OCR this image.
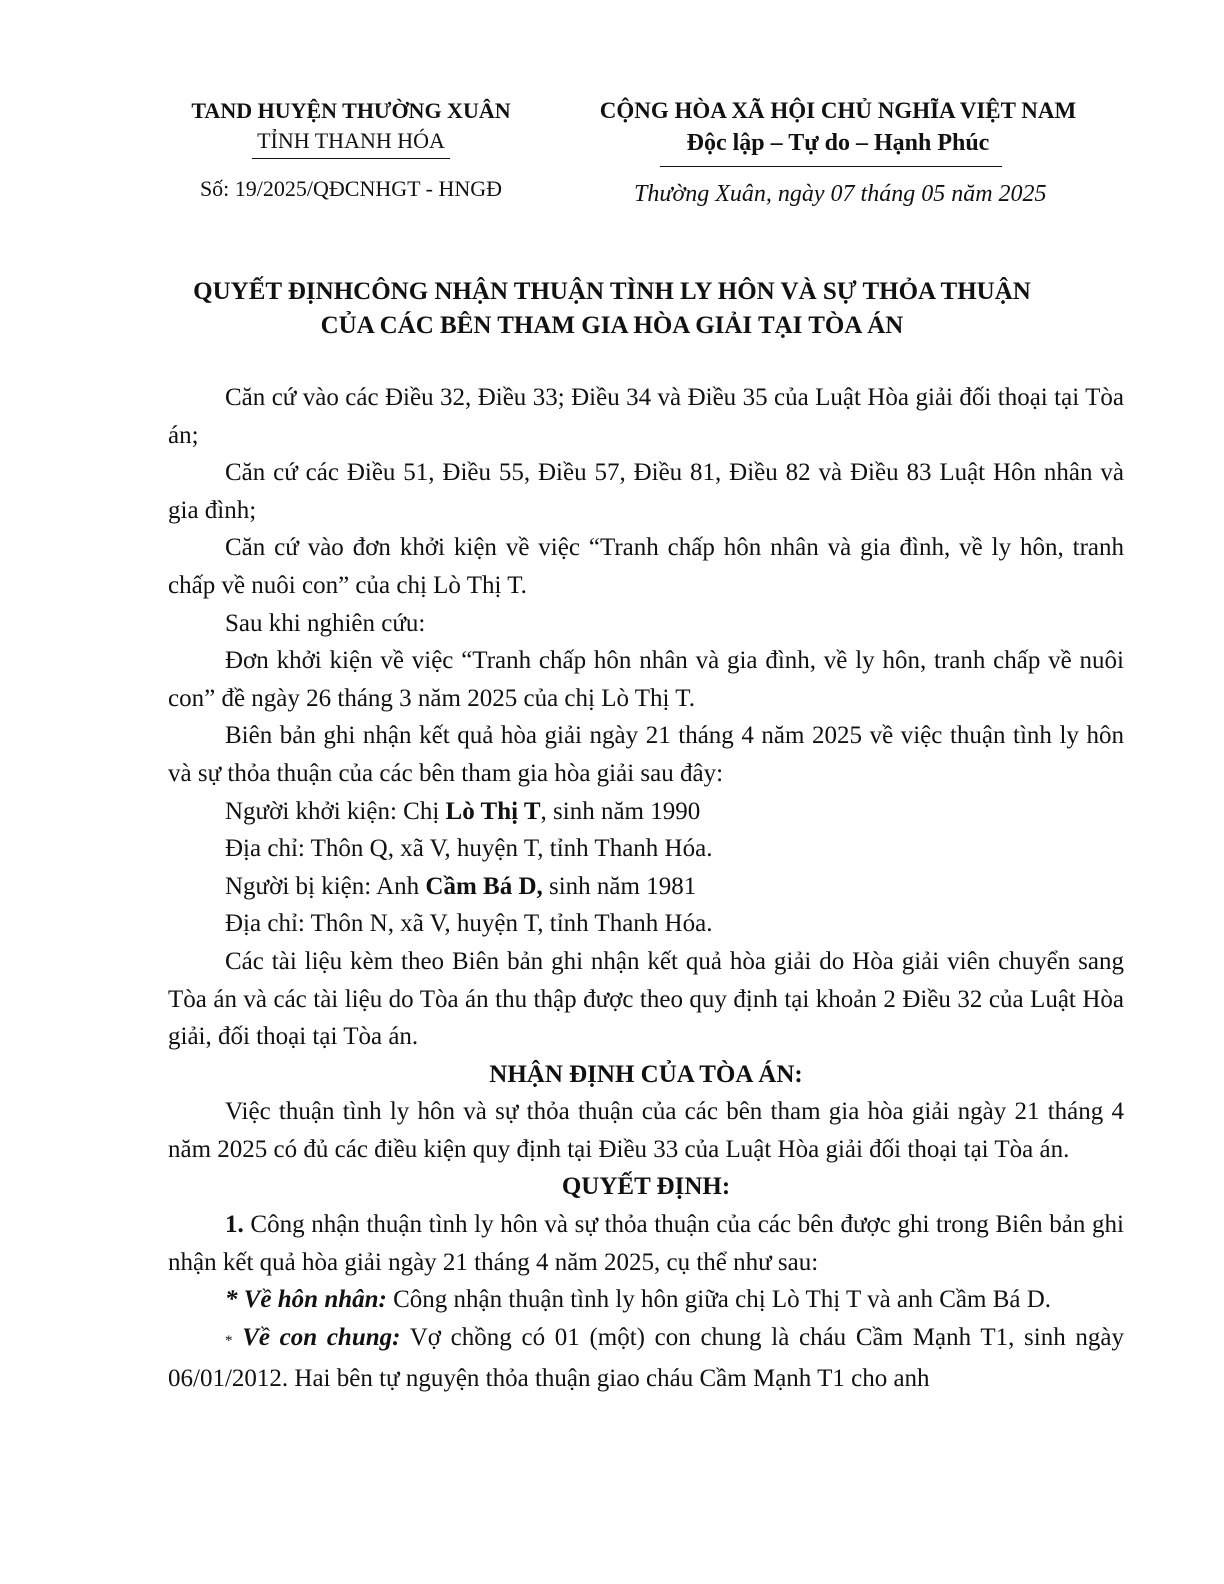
TAND HUYỆN THƯỜNG XUÂN
TỈNH THANH HÓA
Số: 19/2025/QĐCNHGT - HNGĐ
CỘNG HÒA XÃ HỘI CHỦ NGHĨA VIỆT NAM
Độc lập – Tự do – Hạnh Phúc
Thường Xuân, ngày 07 tháng 05 năm 2025
QUYẾT ĐỊNHCÔNG NHẬN THUẬN TÌNH LY HÔN VÀ SỰ THỎA THUẬN
CỦA CÁC BÊN THAM GIA HÒA GIẢI TẠI TÒA ÁN

Căn cứ vào các Điều 32, Điều 33; Điều 34 và Điều 35 của Luật Hòa giải đối thoại tại Tòa án;

Căn cứ các Điều 51, Điều 55, Điều 57, Điều 81, Điều 82 và Điều 83 Luật Hôn nhân và gia đình;

Căn cứ vào đơn khởi kiện về việc “Tranh chấp hôn nhân và gia đình, về ly hôn, tranh chấp về nuôi con” của chị Lò Thị T.

Sau khi nghiên cứu:

Đơn khởi kiện về việc “Tranh chấp hôn nhân và gia đình, về ly hôn, tranh chấp về nuôi con” đề ngày 26 tháng 3 năm 2025 của chị Lò Thị T.

Biên bản ghi nhận kết quả hòa giải ngày 21 tháng 4 năm 2025 về việc thuận tình ly hôn và sự thỏa thuận của các bên tham gia hòa giải sau đây:

Người khởi kiện: Chị Lò Thị T, sinh năm 1990

Địa chỉ: Thôn Q, xã V, huyện T, tỉnh Thanh Hóa.

Người bị kiện: Anh Cầm Bá D, sinh năm 1981

Địa chỉ: Thôn N, xã V, huyện T, tỉnh Thanh Hóa.

Các tài liệu kèm theo Biên bản ghi nhận kết quả hòa giải do Hòa giải viên chuyển sang Tòa án và các tài liệu do Tòa án thu thập được theo quy định tại khoản 2 Điều 32 của Luật Hòa giải, đối thoại tại Tòa án.

NHẬN ĐỊNH CỦA TÒA ÁN:

Việc thuận tình ly hôn và sự thỏa thuận của các bên tham gia hòa giải ngày 21 tháng 4 năm 2025 có đủ các điều kiện quy định tại Điều 33 của Luật Hòa giải đối thoại tại Tòa án.

QUYẾT ĐỊNH:

1. Công nhận thuận tình ly hôn và sự thỏa thuận của các bên được ghi trong Biên bản ghi nhận kết quả hòa giải ngày 21 tháng 4 năm 2025, cụ thể như sau:

* Về hôn nhân: Công nhận thuận tình ly hôn giữa chị Lò Thị T và anh Cầm Bá D.

* Về con chung: Vợ chồng có 01 (một) con chung là cháu Cầm Mạnh T1, sinh ngày 06/01/2012. Hai bên tự nguyện thỏa thuận giao cháu Cầm Mạnh T1 cho anh
